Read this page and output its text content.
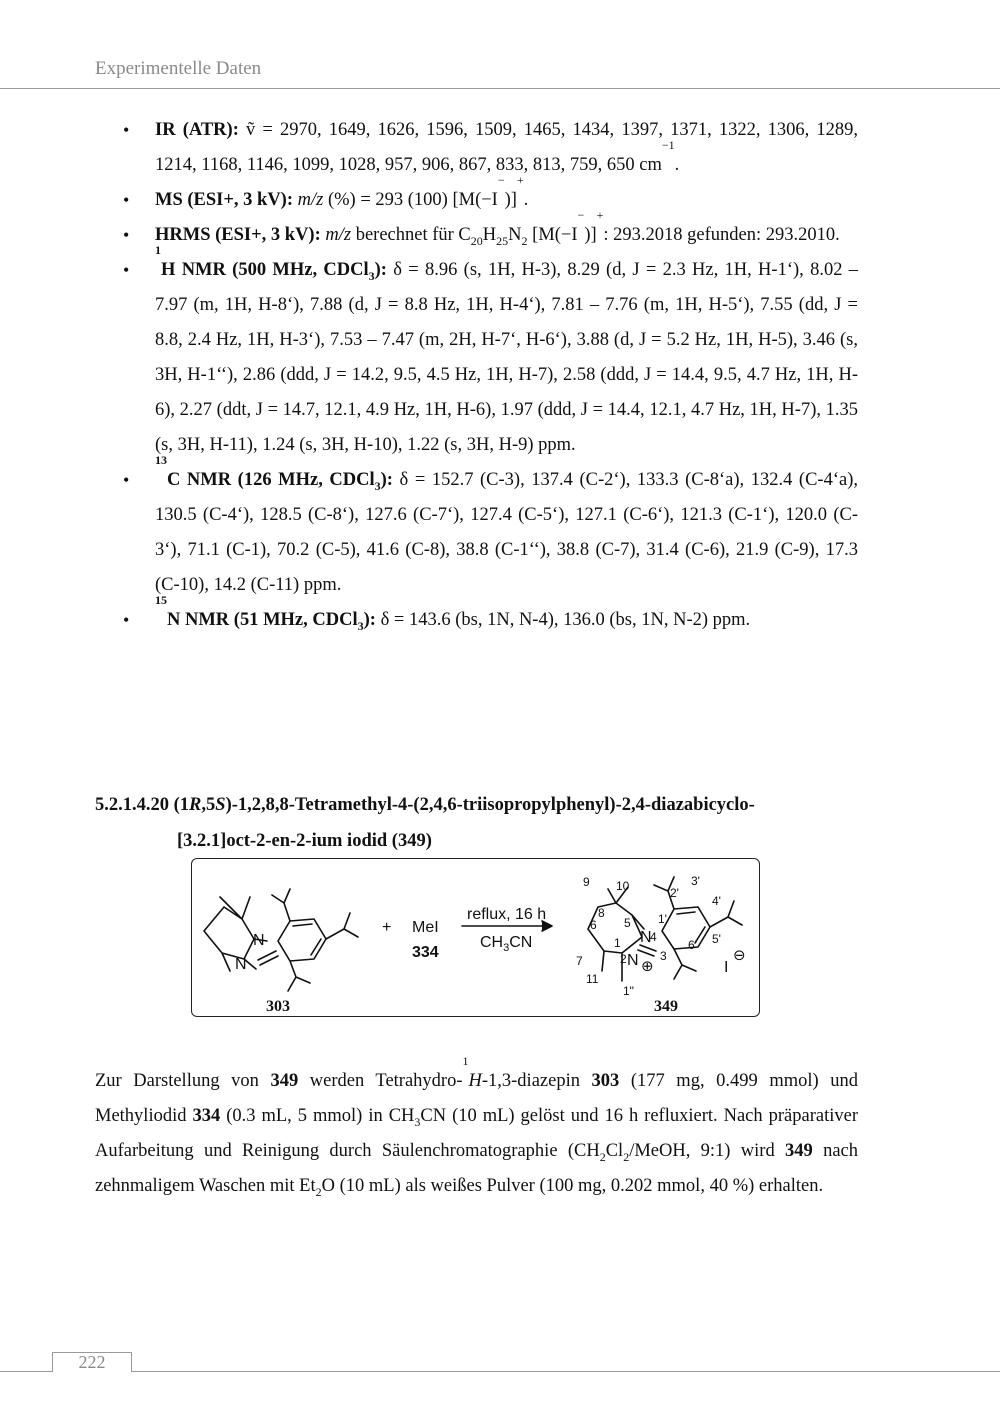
Experimentelle Daten
• IR (ATR): ṽ = 2970, 1649, 1626, 1596, 1509, 1465, 1434, 1397, 1371, 1322, 1306, 1289, 1214, 1168, 1146, 1099, 1028, 957, 906, 867, 833, 813, 759, 650 $cm^{-1}$.
• MS (ESI+, 3 kV): m/z (%) = 293 (100) [M(−I−)]+.
• HRMS (ESI+, 3 kV): m/z berechnet für $C_{20}H_{25}N_2$ [M(−I−)]+: 293.2018 gefunden: 293.2010.
• $^1$H NMR (500 MHz, CDCl$_3$): δ = 8.96 (s, 1H, H-3), 8.29 (d, J = 2.3 Hz, 1H, H-1‘), 8.02 – 7.97 (m, 1H, H-8‘), 7.88 (d, J = 8.8 Hz, 1H, H-4‘), 7.81 – 7.76 (m, 1H, H-5‘), 7.55 (dd, J = 8.8, 2.4 Hz, 1H, H-3‘), 7.53 – 7.47 (m, 2H, H-7‘, H-6‘), 3.88 (d, J = 5.2 Hz, 1H, H-5), 3.46 (s, 3H, H-1‘‘), 2.86 (ddd, J = 14.2, 9.5, 4.5 Hz, 1H, H-7), 2.58 (ddd, J = 14.4, 9.5, 4.7 Hz, 1H, H-6), 2.27 (ddt, J = 14.7, 12.1, 4.9 Hz, 1H, H-6), 1.97 (ddd, J = 14.4, 12.1, 4.7 Hz, 1H, H-7), 1.35 (s, 3H, H-11), 1.24 (s, 3H, H-10), 1.22 (s, 3H, H-9) ppm.
• $^{13}$C NMR (126 MHz, CDCl$_3$): δ = 152.7 (C-3), 137.4 (C-2‘), 133.3 (C-8‘a), 132.4 (C-4‘a), 130.5 (C-4‘), 128.5 (C-8‘), 127.6 (C-7‘), 127.4 (C-5‘), 127.1 (C-6‘), 121.3 (C-1‘), 120.0 (C-3‘), 71.1 (C-1), 70.2 (C-5), 41.6 (C-8), 38.8 (C-1‘‘), 38.8 (C-7), 31.4 (C-6), 21.9 (C-9), 17.3 (C-10), 14.2 (C-11) ppm.
• $^{15}$N NMR (51 MHz, CDCl$_3$): δ = 143.6 (bs, 1N, N-4), 136.0 (bs, 1N, N-2) ppm.
5.2.1.4.20 (1R,5S)-1,2,8,8-Tetramethyl-4-(2,4,6-triisopropylphenyl)-2,4-diazabicyclo-
[3.2.1]oct-2-en-2-ium iodid (349)
N
N
+ MeI
334
reflux, 16 h
$CH_3CN$	N
N ⊕	I
⊖
9 10
8
5
6
1
7
11
2	3
4
1"
2'
3'
4'
1'
6' 5'
303	349

Zur Darstellung von 349 werden Tetrahydro-$^1$H-1,3-diazepin 303 (177 mg, 0.499 mmol) und Methyliodid 334 (0.3 mL, 5 mmol) in $CH_3CN$ (10 mL) gelöst und 16 h refluxiert. Nach präparativer Aufarbeitung und Reinigung durch Säulenchromatographie ($CH_2Cl_2$/MeOH, 9:1) wird 349 nach zehnmaligem Waschen mit $Et_2O$ (10 mL) als weißes Pulver (100 mg, 0.202 mmol, 40 %) erhalten.

222
